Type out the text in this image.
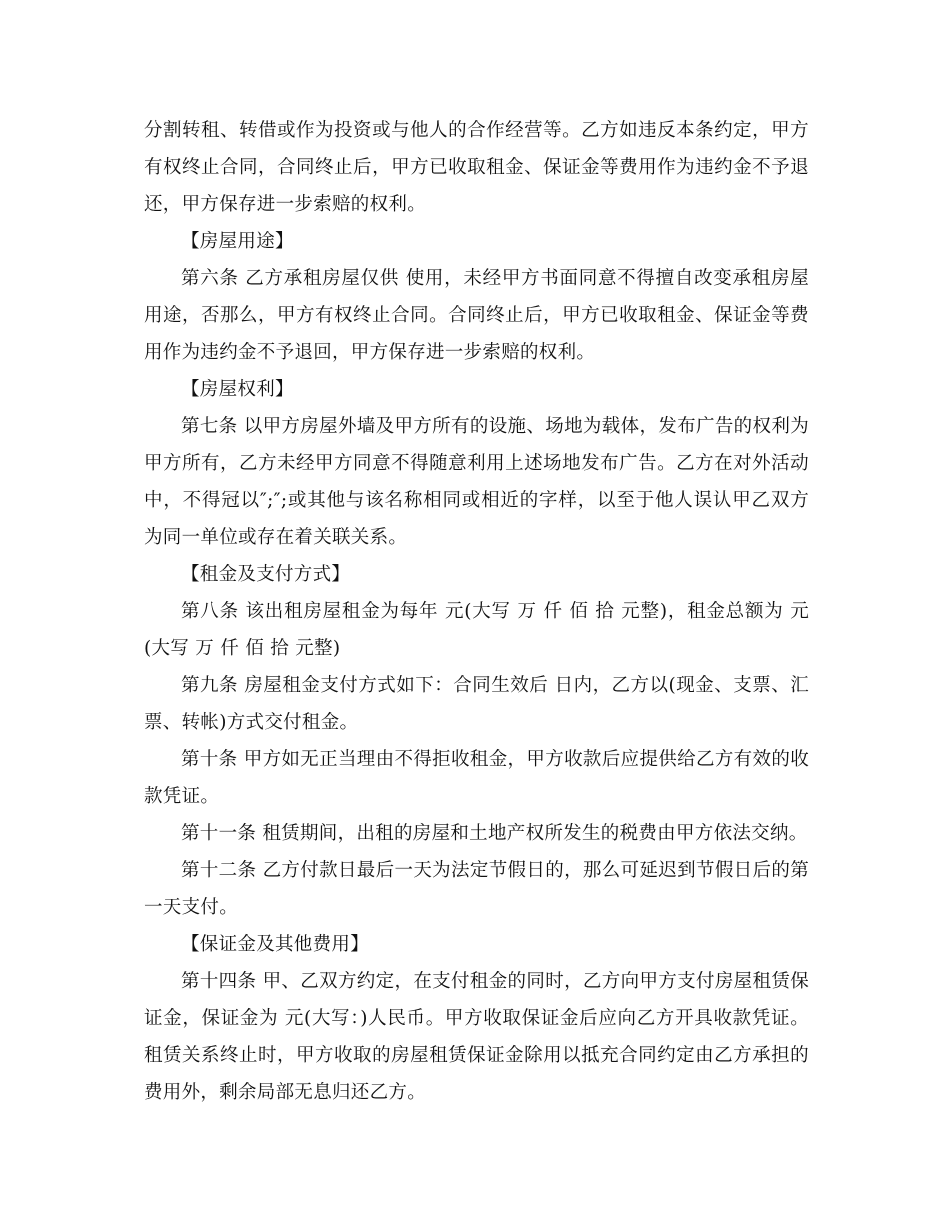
分割转租、转借或作为投资或与他人的合作经营等。乙方如违反本条约定，甲方有权终止合同，合同终止后，甲方已收取租金、保证金等费用作为违约金不予退还，甲方保存进一步索赔的权利。

【房屋用途】

第六条 乙方承租房屋仅供 使用，未经甲方书面同意不得擅自改变承租房屋用途，否那么，甲方有权终止合同。合同终止后，甲方已收取租金、保证金等费用作为违约金不予退回，甲方保存进一步索赔的权利。

【房屋权利】

第七条 以甲方房屋外墙及甲方所有的设施、场地为载体，发布广告的权利为甲方所有，乙方未经甲方同意不得随意利用上述场地发布广告。乙方在对外活动中，不得冠以″;″;或其他与该名称相同或相近的字样，以至于他人误认甲乙双方为同一单位或存在着关联关系。

【租金及支付方式】

第八条 该出租房屋租金为每年 元(大写 万 仟 佰 拾 元整)，租金总额为 元(大写 万 仟 佰 拾 元整)

第九条 房屋租金支付方式如下：合同生效后 日内，乙方以(现金、支票、汇票、转帐)方式交付租金。

第十条 甲方如无正当理由不得拒收租金，甲方收款后应提供给乙方有效的收款凭证。

第十一条 租赁期间，出租的房屋和土地产权所发生的税费由甲方依法交纳。

第十二条 乙方付款日最后一天为法定节假日的，那么可延迟到节假日后的第一天支付。

【保证金及其他费用】

第十四条 甲、乙双方约定，在支付租金的同时，乙方向甲方支付房屋租赁保证金，保证金为 元(大写：)人民币。甲方收取保证金后应向乙方开具收款凭证。租赁关系终止时，甲方收取的房屋租赁保证金除用以抵充合同约定由乙方承担的费用外，剩余局部无息归还乙方。
